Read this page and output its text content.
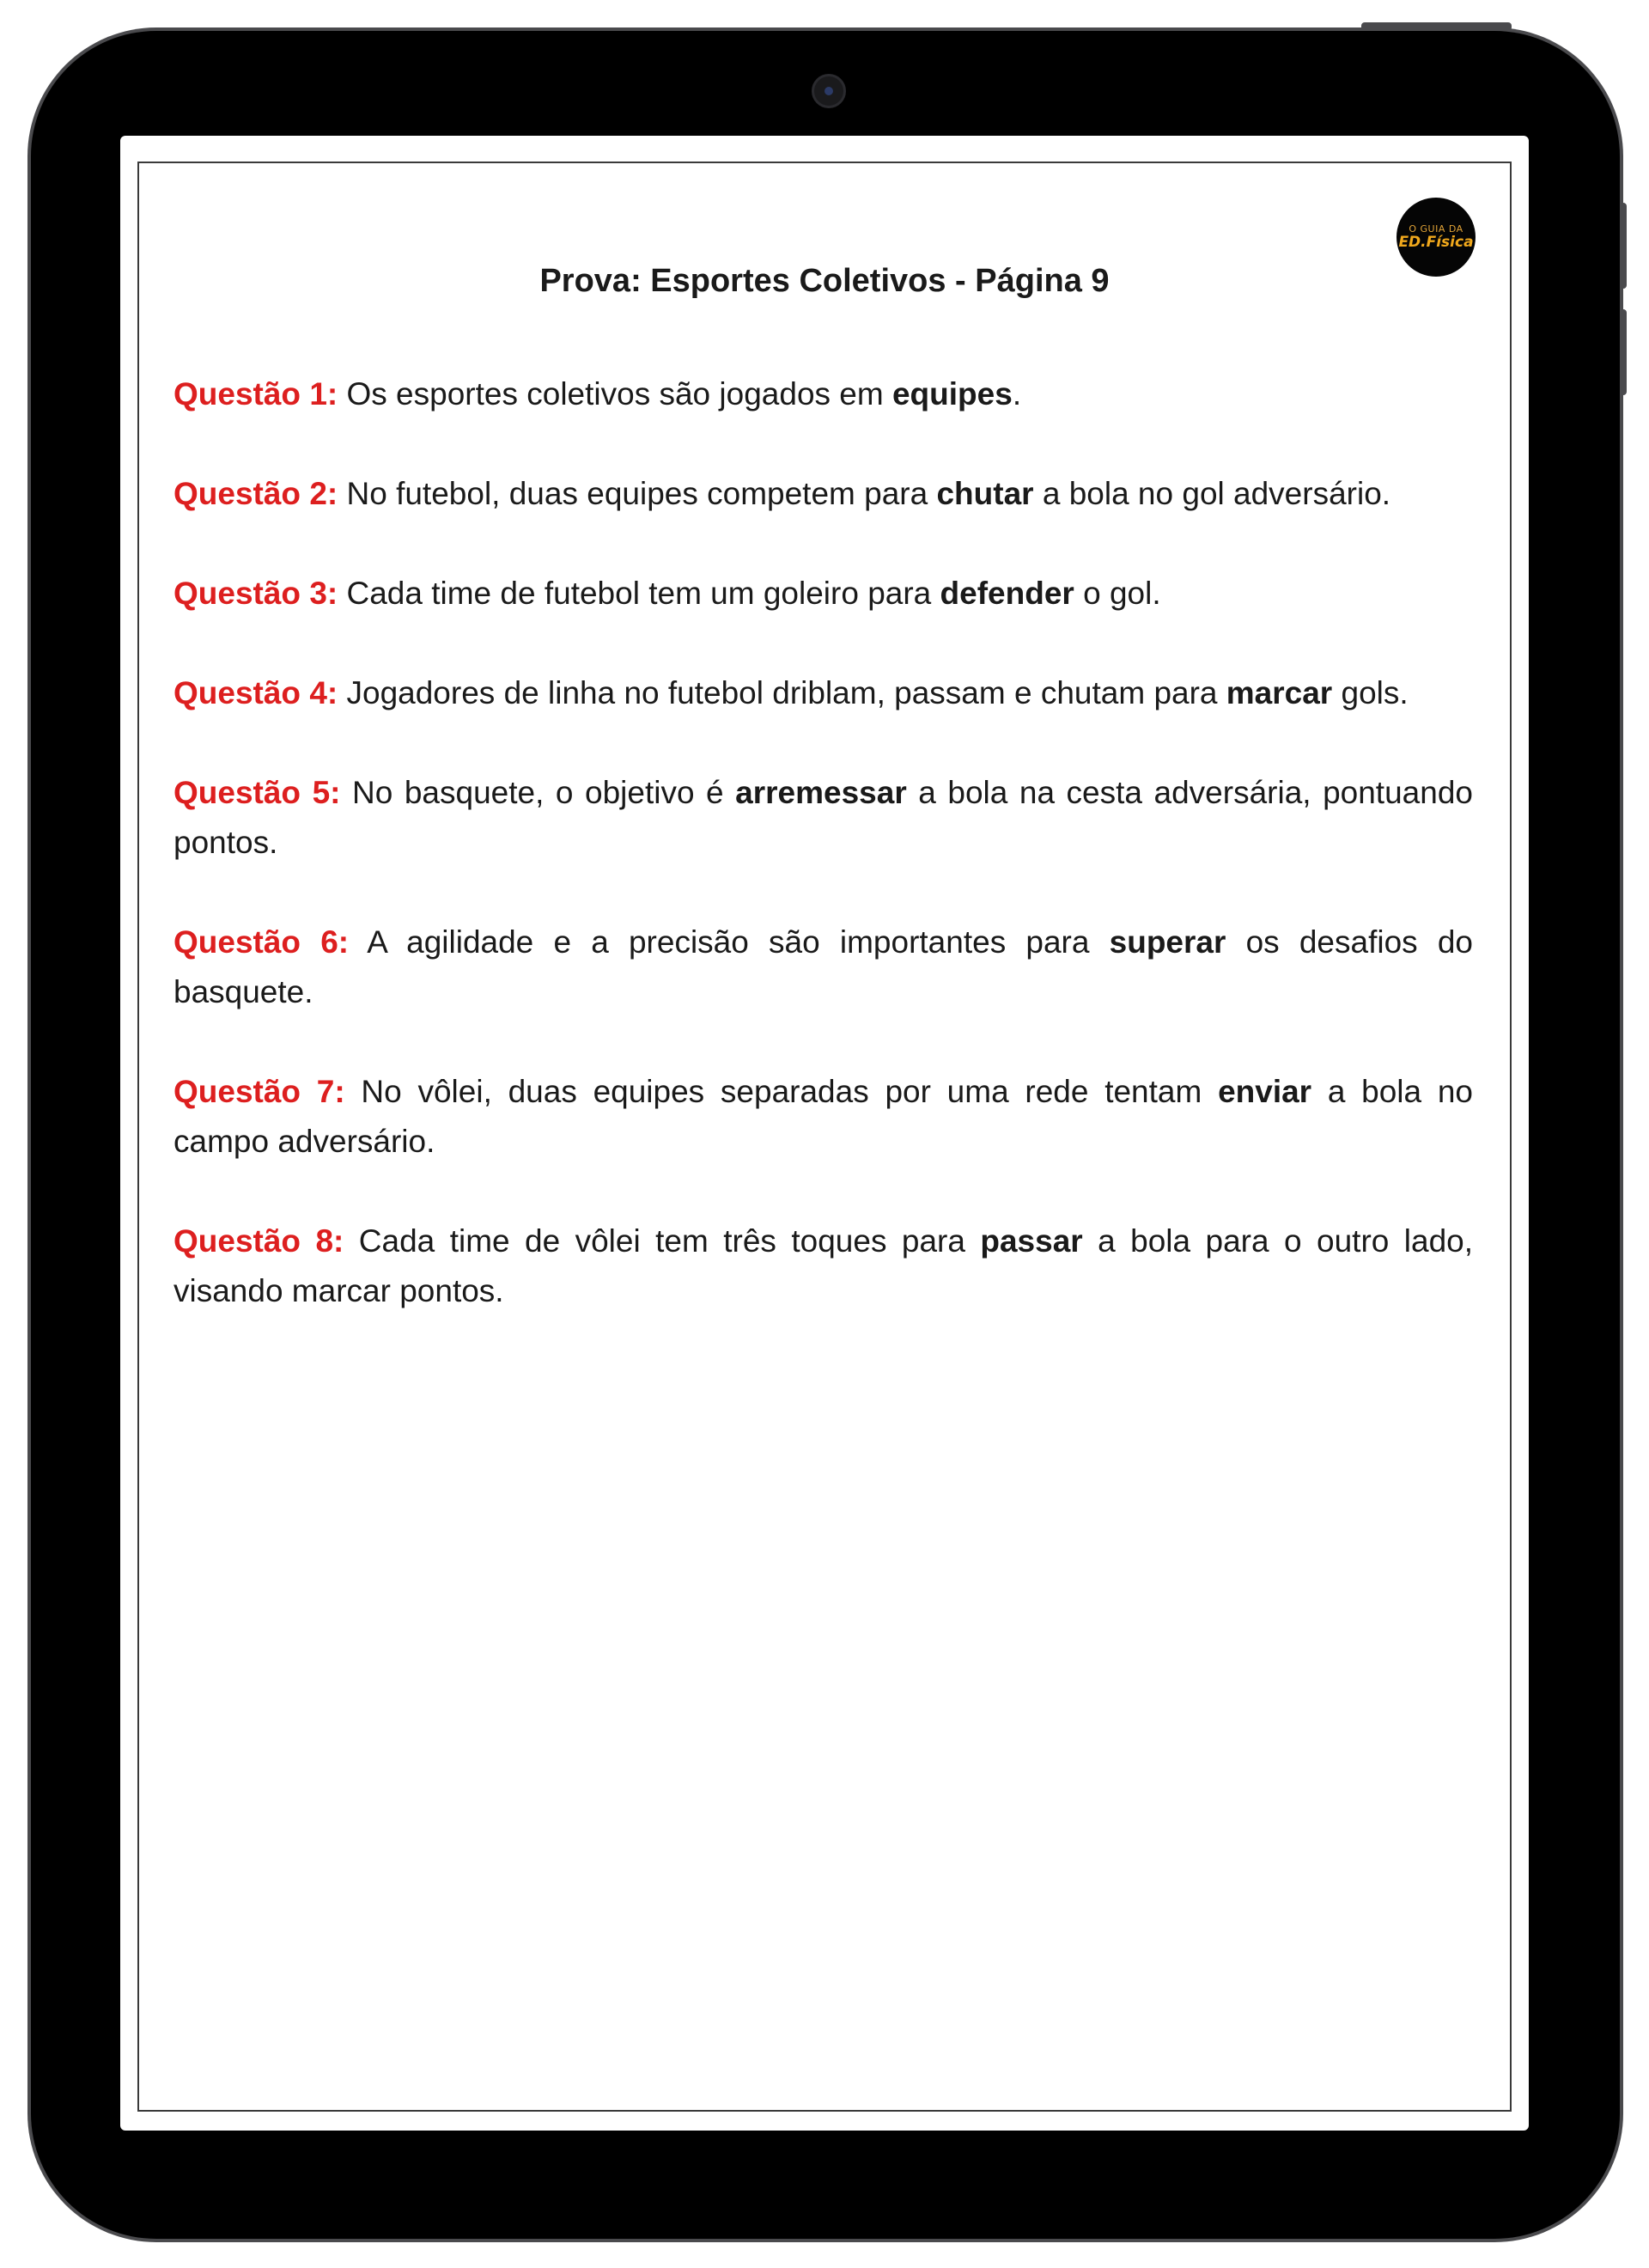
O GUIA DA
ED.Física
Prova: Esportes Coletivos - Página 9

Questão 1: Os esportes coletivos são jogados em equipes.

Questão 2: No futebol, duas equipes competem para chutar a bola no gol adversário.

Questão 3: Cada time de futebol tem um goleiro para defender o gol.

Questão 4: Jogadores de linha no futebol driblam, passam e chutam para marcar gols.

Questão 5: No basquete, o objetivo é arremessar a bola na cesta adversária, pontuando pontos.

Questão 6: A agilidade e a precisão são importantes para superar os desafios do basquete.

Questão 7: No vôlei, duas equipes separadas por uma rede tentam enviar a bola no campo adversário.

Questão 8: Cada time de vôlei tem três toques para passar a bola para o outro lado, visando marcar pontos.
